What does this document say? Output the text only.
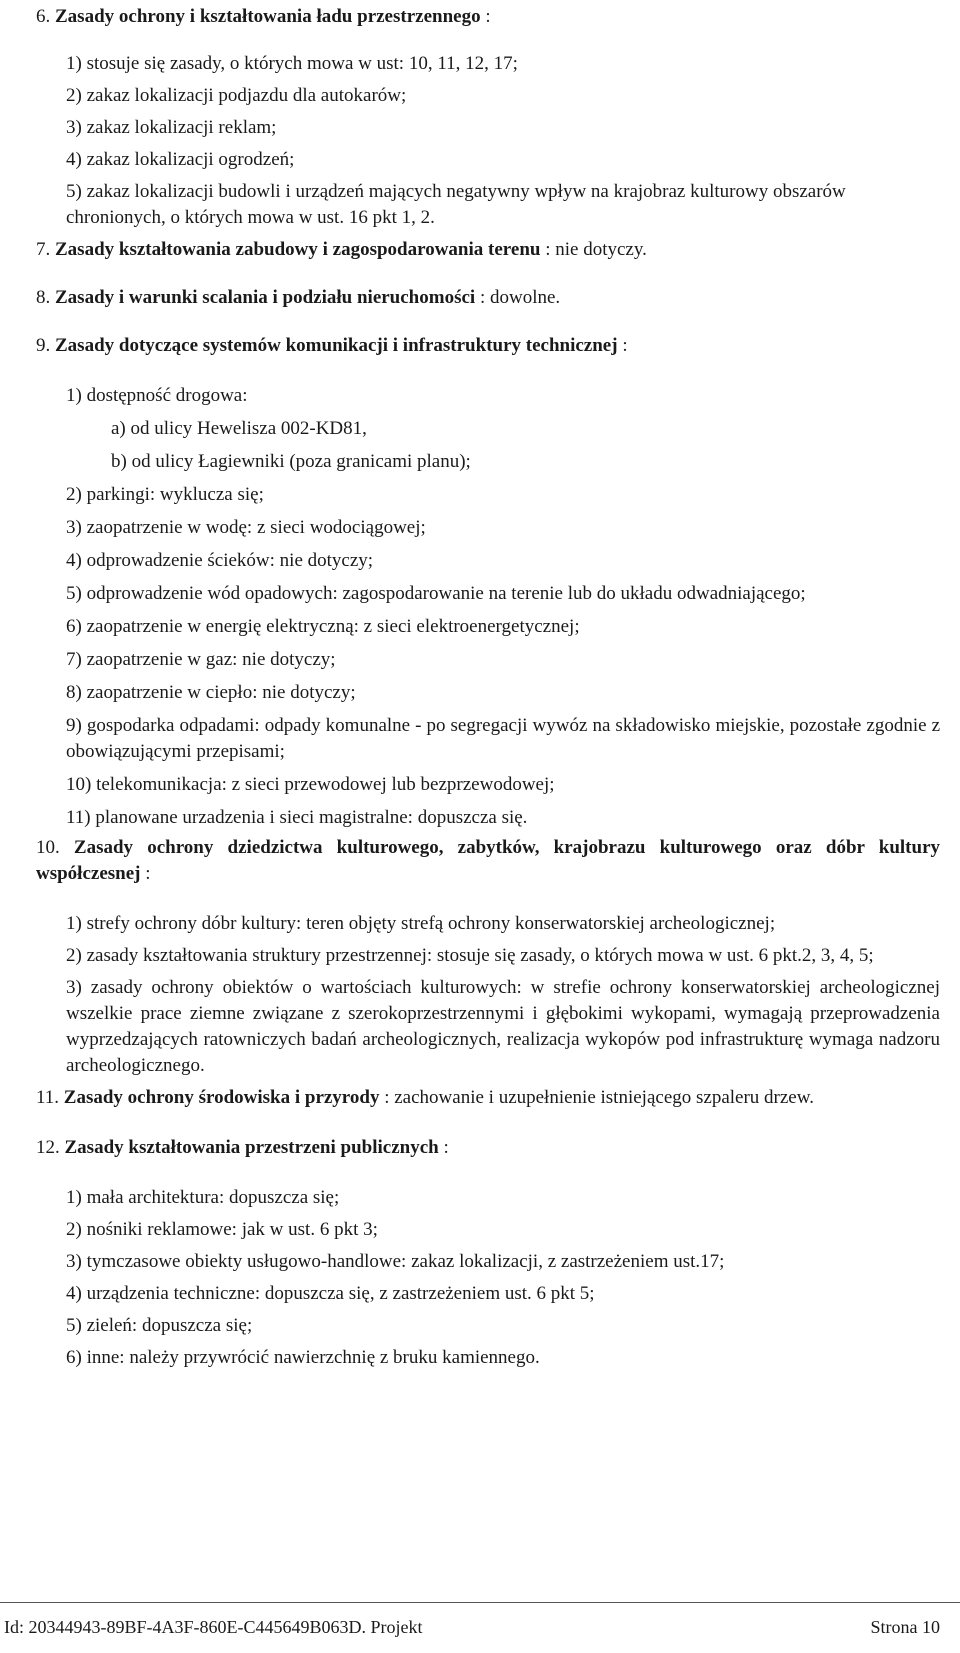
6. Zasady ochrony i kształtowania ładu przestrzennego :

1) stosuje się zasady, o których mowa w ust: 10, 11, 12, 17;

2) zakaz lokalizacji podjazdu dla autokarów;

3) zakaz lokalizacji reklam;

4) zakaz lokalizacji ogrodzeń;

5) zakaz lokalizacji budowli i urządzeń mających negatywny wpływ na krajobraz kulturowy obszarów chronionych, o których mowa w ust. 16 pkt 1, 2.

7. Zasady kształtowania zabudowy i zagospodarowania terenu : nie dotyczy.

8. Zasady i warunki scalania i podziału nieruchomości : dowolne.

9. Zasady dotyczące systemów komunikacji i infrastruktury technicznej :

1) dostępność drogowa:

a) od ulicy Hewelisza 002-KD81,

b) od ulicy Łagiewniki (poza granicami planu);

2) parkingi: wyklucza się;

3) zaopatrzenie w wodę: z sieci wodociągowej;

4) odprowadzenie ścieków: nie dotyczy;

5) odprowadzenie wód opadowych: zagospodarowanie na terenie lub do układu odwadniającego;

6) zaopatrzenie w energię elektryczną: z sieci elektroenergetycznej;

7) zaopatrzenie w gaz: nie dotyczy;

8) zaopatrzenie w ciepło: nie dotyczy;

9) gospodarka odpadami: odpady komunalne - po segregacji wywóz na składowisko miejskie, pozostałe zgodnie z obowiązującymi przepisami;

10) telekomunikacja: z sieci przewodowej lub bezprzewodowej;

11) planowane urzadzenia i sieci magistralne: dopuszcza się.

10. Zasady ochrony dziedzictwa kulturowego, zabytków, krajobrazu kulturowego oraz dóbr kultury współczesnej :

1) strefy ochrony dóbr kultury: teren objęty strefą ochrony konserwatorskiej archeologicznej;

2) zasady kształtowania struktury przestrzennej: stosuje się zasady, o których mowa w ust. 6 pkt.2, 3, 4, 5;

3) zasady ochrony obiektów o wartościach kulturowych: w strefie ochrony konserwatorskiej archeologicznej wszelkie prace ziemne związane z szerokoprzestrzennymi i głębokimi wykopami, wymagają przeprowadzenia wyprzedzających ratowniczych badań archeologicznych, realizacja wykopów pod infrastrukturę wymaga nadzoru archeologicznego.

11. Zasady ochrony środowiska i przyrody : zachowanie i uzupełnienie istniejącego szpaleru drzew.

12. Zasady kształtowania przestrzeni publicznych :

1) mała architektura: dopuszcza się;

2) nośniki reklamowe: jak w ust. 6 pkt 3;

3) tymczasowe obiekty usługowo-handlowe: zakaz lokalizacji, z zastrzeżeniem ust.17;

4) urządzenia techniczne: dopuszcza się, z zastrzeżeniem ust. 6 pkt 5;

5) zieleń: dopuszcza się;

6) inne: należy przywrócić nawierzchnię z bruku kamiennego.

Id: 20344943-89BF-4A3F-860E-C445649B063D. Projekt	Strona 10
